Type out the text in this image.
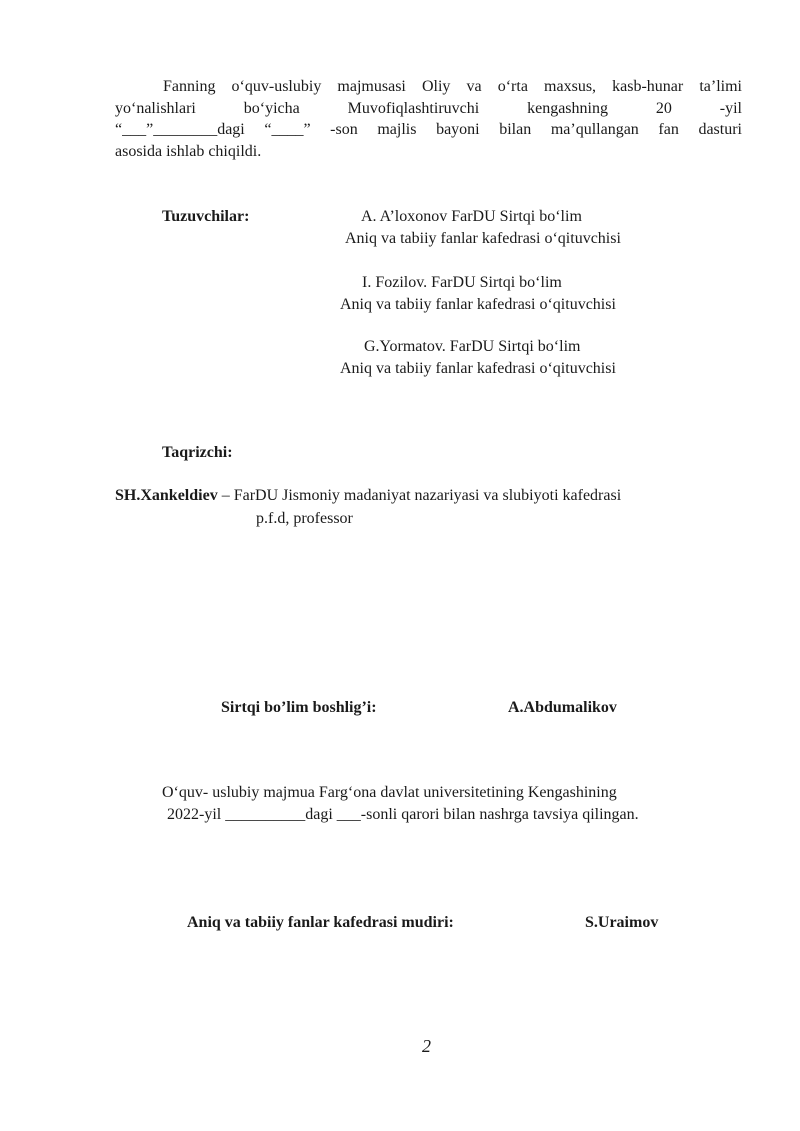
Fanning o‘quv-uslubiy majmusasi Oliy va o‘rta maxsus, kasb-hunar ta’limi
yo‘nalishlari bo‘yicha Muvofiqlashtiruvchi kengashning 20 -yil
“___”________dagi “____” -son majlis bayoni bilan ma’qullangan fan dasturi
asosida ishlab chiqildi.
Tuzuvchilar:	A. A’loxonov FarDU Sirtqi bo‘lim
Aniq va tabiiy fanlar kafedrasi o‘qituvchisi
I. Fozilov. FarDU Sirtqi bo‘lim
Aniq va tabiiy fanlar kafedrasi o‘qituvchisi
G.Yormatov. FarDU Sirtqi bo‘lim
Aniq va tabiiy fanlar kafedrasi o‘qituvchisi
Taqrizchi:
SH.Xankeldiev – FarDU Jismoniy madaniyat nazariyasi va slubiyoti kafedrasi
p.f.d, professor
Sirtqi bo’lim boshlig’i:	A.Abdumalikov
O‘quv- uslubiy majmua Farg‘ona davlat universitetining Kengashining
2022-yil __________dagi ___-sonli qarori bilan nashrga tavsiya qilingan.
Aniq va tabiiy fanlar kafedrasi mudiri:	S.Uraimov
2
